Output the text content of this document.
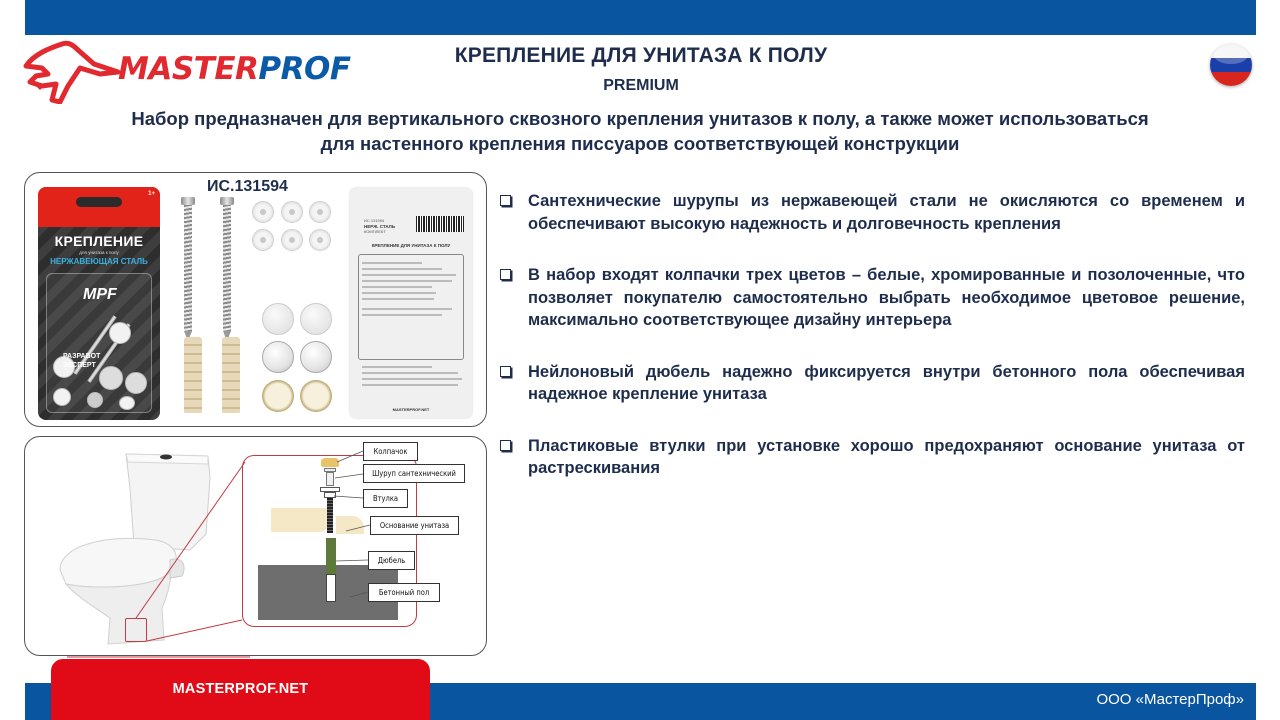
MASTERPROF	КРЕПЛЕНИЕ ДЛЯ УНИТАЗА К ПОЛУ
PREMIUM
Набор предназначен для вертикального сквозного крепления унитазов к полу, а также может использоваться
для настенного крепления писсуаров соответствующей конструкции
ИС.131594
1+
КРЕПЛЕНИЕ
для унитаза к полу
НЕРЖАВЕЮЩАЯ СТАЛЬ
MPF
РАЗРАБОТ
ЭКСПЕРТ
ИС.131594
НЕРЖ. СТАЛЬ
КОМПЛЕКТ
КРЕПЛЕНИЕ ДЛЯ УНИТАЗА К ПОЛУ
MASTERPROF.NET
Колпачок
Шуруп сантехнический
Втулка
Основание унитаза
Дюбель
Бетонный пол
Сантехнические шурупы из нержавеющей стали не окисляются со временем и обеспечивают высокую надежность и долговечность крепления
В набор входят колпачки трех цветов – белые, хромированные и позолоченные, что позволяет покупателю самостоятельно выбрать необходимое цветовое решение, максимально соответствующее дизайну интерьера
Нейлоновый дюбель надежно фиксируется внутри бетонного пола обеспечивая надежное крепление унитаза
Пластиковые втулки при установке хорошо предохраняют основание унитаза от растрескивания
MASTERPROF.NET
ООО «МастерПроф»
